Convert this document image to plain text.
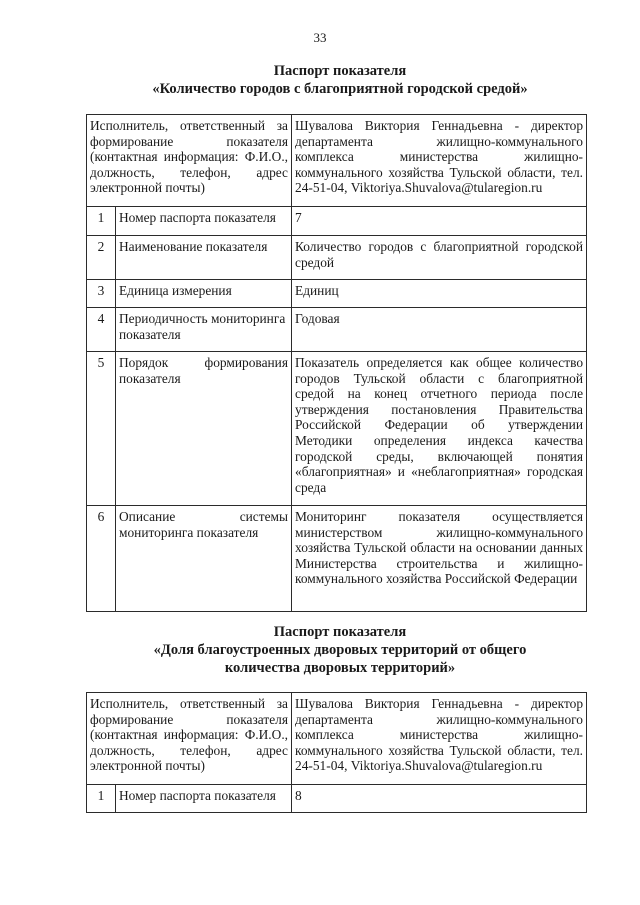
33
Паспорт показателя
«Количество городов с благоприятной городской средой»
Исполнитель, ответственный за формирование показателя (контактная информация: Ф.И.О., должность, телефон, адрес электронной почты)		Шувалова Виктория Геннадьевна - директор департамента жилищно-коммунального комплекса министерства жилищно-коммунального хозяйства Тульской области, тел. 24-51-04, Viktoriya.Shuvalova@tularegion.ru
1	Номер паспорта показателя	7
2	Наименование показателя	Количество городов с благоприятной городской средой
3	Единица измерения	Единиц
4	Периодичность мониторинга показателя	Годовая
5	Порядок формирования показателя	Показатель определяется как общее количество городов Тульской области с благоприятной средой на конец отчетного периода после утверждения постановления Правительства Российской Федерации об утверждении Методики определения индекса качества городской среды, включающей понятия «благоприятная» и «неблагоприятная» городская среда
6	Описание системы мониторинга показателя	Мониторинг показателя осуществляется министерством жилищно-коммунального хозяйства Тульской области на основании данных Министерства строительства и жилищно-коммунального хозяйства Российской Федерации
Паспорт показателя
«Доля благоустроенных дворовых территорий от общего
количества дворовых территорий»
Исполнитель, ответственный за формирование показателя (контактная информация: Ф.И.О., должность, телефон, адрес электронной почты)		Шувалова Виктория Геннадьевна - директор департамента жилищно-коммунального комплекса министерства жилищно-коммунального хозяйства Тульской области, тел. 24-51-04, Viktoriya.Shuvalova@tularegion.ru
1	Номер паспорта показателя	8
